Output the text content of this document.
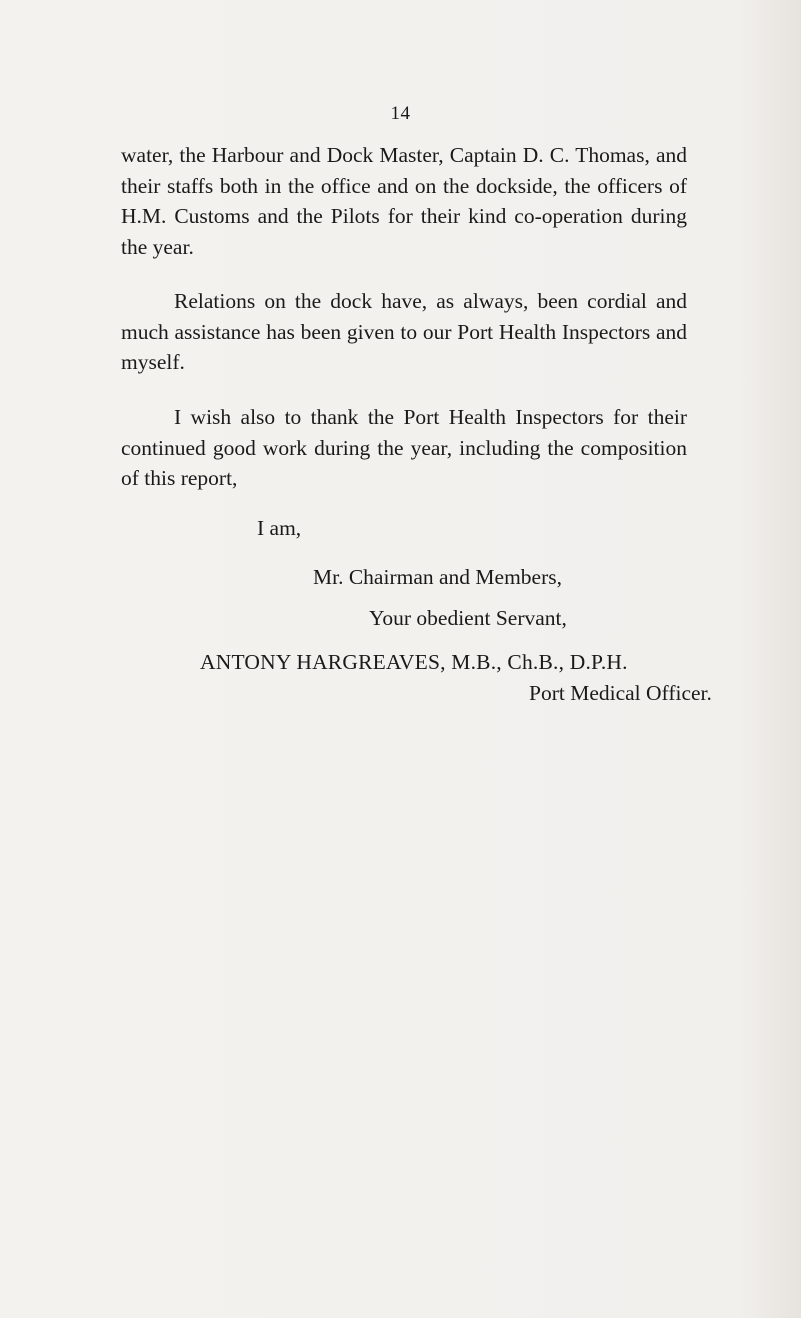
14

water, the Harbour and Dock Master, Captain D. C. Thomas, and their staffs both in the office and on the dockside, the officers of H.M. Customs and the Pilots for their kind co-operation during the year.

Relations on the dock have, as always, been cordial and much assistance has been given to our Port Health Inspectors and myself.

I wish also to thank the Port Health Inspectors for their continued good work during the year, including the composition of this report,

I am,
Mr. Chairman and Members,
Your obedient Servant,
ANTONY HARGREAVES, M.B., Ch.B., D.P.H.
Port Medical Officer.
